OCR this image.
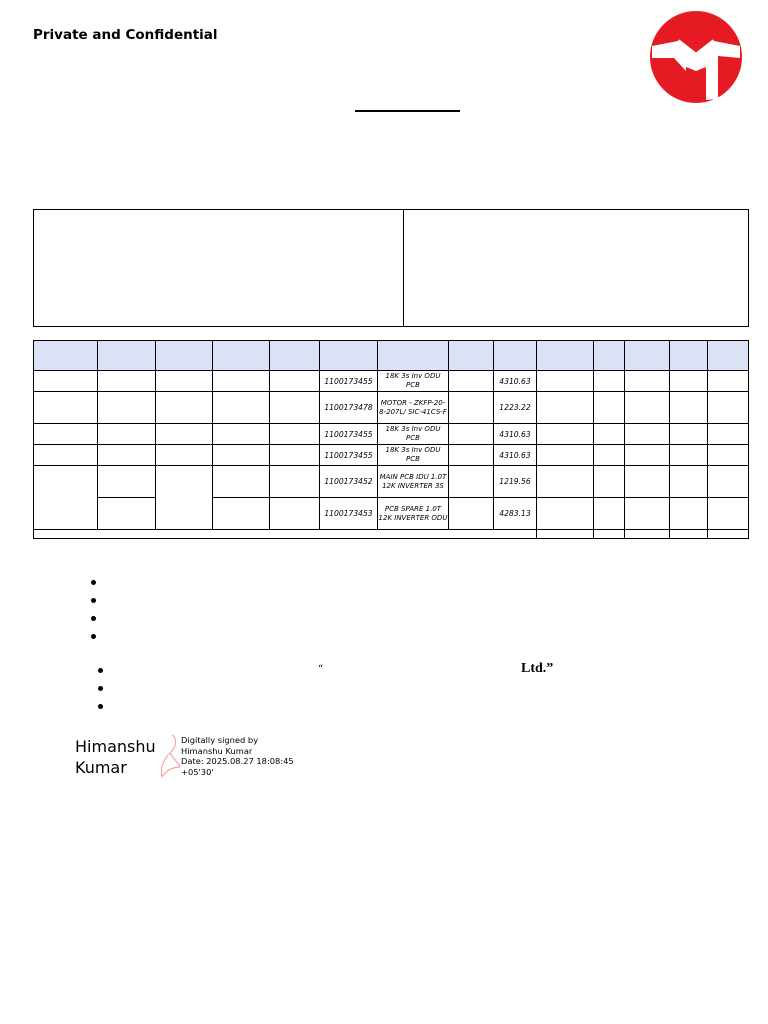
Private and Confidential

					1100173455	18K 3s Inv ODU PCB		4310.63					
					1100173478	MOTOR - ZKFP-20-8-207L/ SIC-41CS-F		1223.22					
					1100173455	18K 3s Inv ODU PCB		4310.63					
					1100173455	18K 3s Inv ODU PCB		4310.63					
					1100173452	MAIN PCB IDU 1.0T 12K INVERTER 3S		1219.56					
					1100173453	PCB SPARE 1.0T 12K INVERTER ODU		4283.13					

“	Ltd.”
Himanshu
Kumar
Digitally signed by
Himanshu Kumar
Date: 2025.08.27 18:08:45
+05'30'
